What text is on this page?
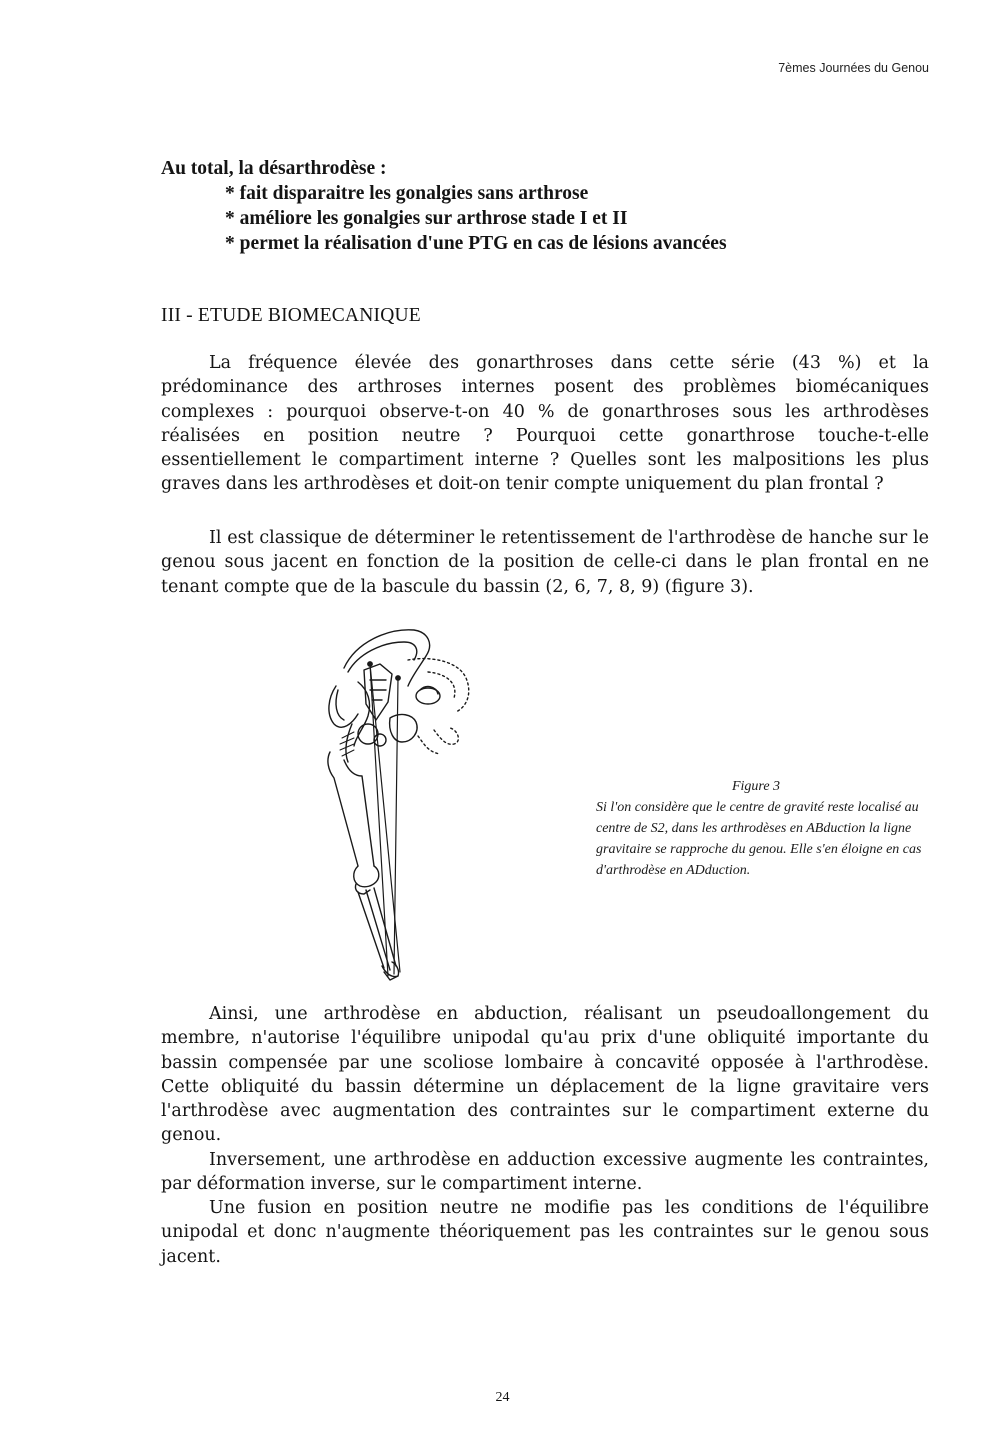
7èmes Journées du Genou
Au total, la désarthrodèse :
* fait disparaitre les gonalgies sans arthrose
* améliore les gonalgies sur arthrose stade I et II
* permet la réalisation d'une PTG en cas de lésions avancées
III - ETUDE BIOMECANIQUE

La fréquence élevée des gonarthroses dans cette série (43 %) et la prédominance des arthroses internes posent des problèmes biomécaniques complexes : pourquoi observe-t-on 40 % de gonarthroses sous les arthrodèses réalisées en position neutre ? Pourquoi cette gonarthrose touche-t-elle essentiellement le compartiment interne ? Quelles sont les malpositions les plus graves dans les arthrodèses et doit-on tenir compte uniquement du plan frontal ?

Il est classique de déterminer le retentissement de l'arthrodèse de hanche sur le genou sous jacent en fonction de la position de celle-ci dans le plan frontal en ne tenant compte que de la bascule du bassin (2, 6, 7, 8, 9) (figure 3).

Figure 3
Si l'on considère que le centre de gravité reste localisé au centre de S2, dans les arthrodèses en ABduction la ligne gravitaire se rapproche du genou. Elle s'en éloigne en cas d'arthrodèse en ADduction.

Ainsi, une arthrodèse en abduction, réalisant un pseudoallongement du membre, n'autorise l'équilibre unipodal qu'au prix d'une obliquité importante du bassin compensée par une scoliose lombaire à concavité opposée à l'arthrodèse. Cette obliquité du bassin détermine un déplacement de la ligne gravitaire vers l'arthrodèse avec augmentation des contraintes sur le compartiment externe du genou.

Inversement, une arthrodèse en adduction excessive augmente les contraintes, par déformation inverse, sur le compartiment interne.

Une fusion en position neutre ne modifie pas les conditions de l'équilibre unipodal et donc n'augmente théoriquement pas les contraintes sur le genou sous jacent.

24
